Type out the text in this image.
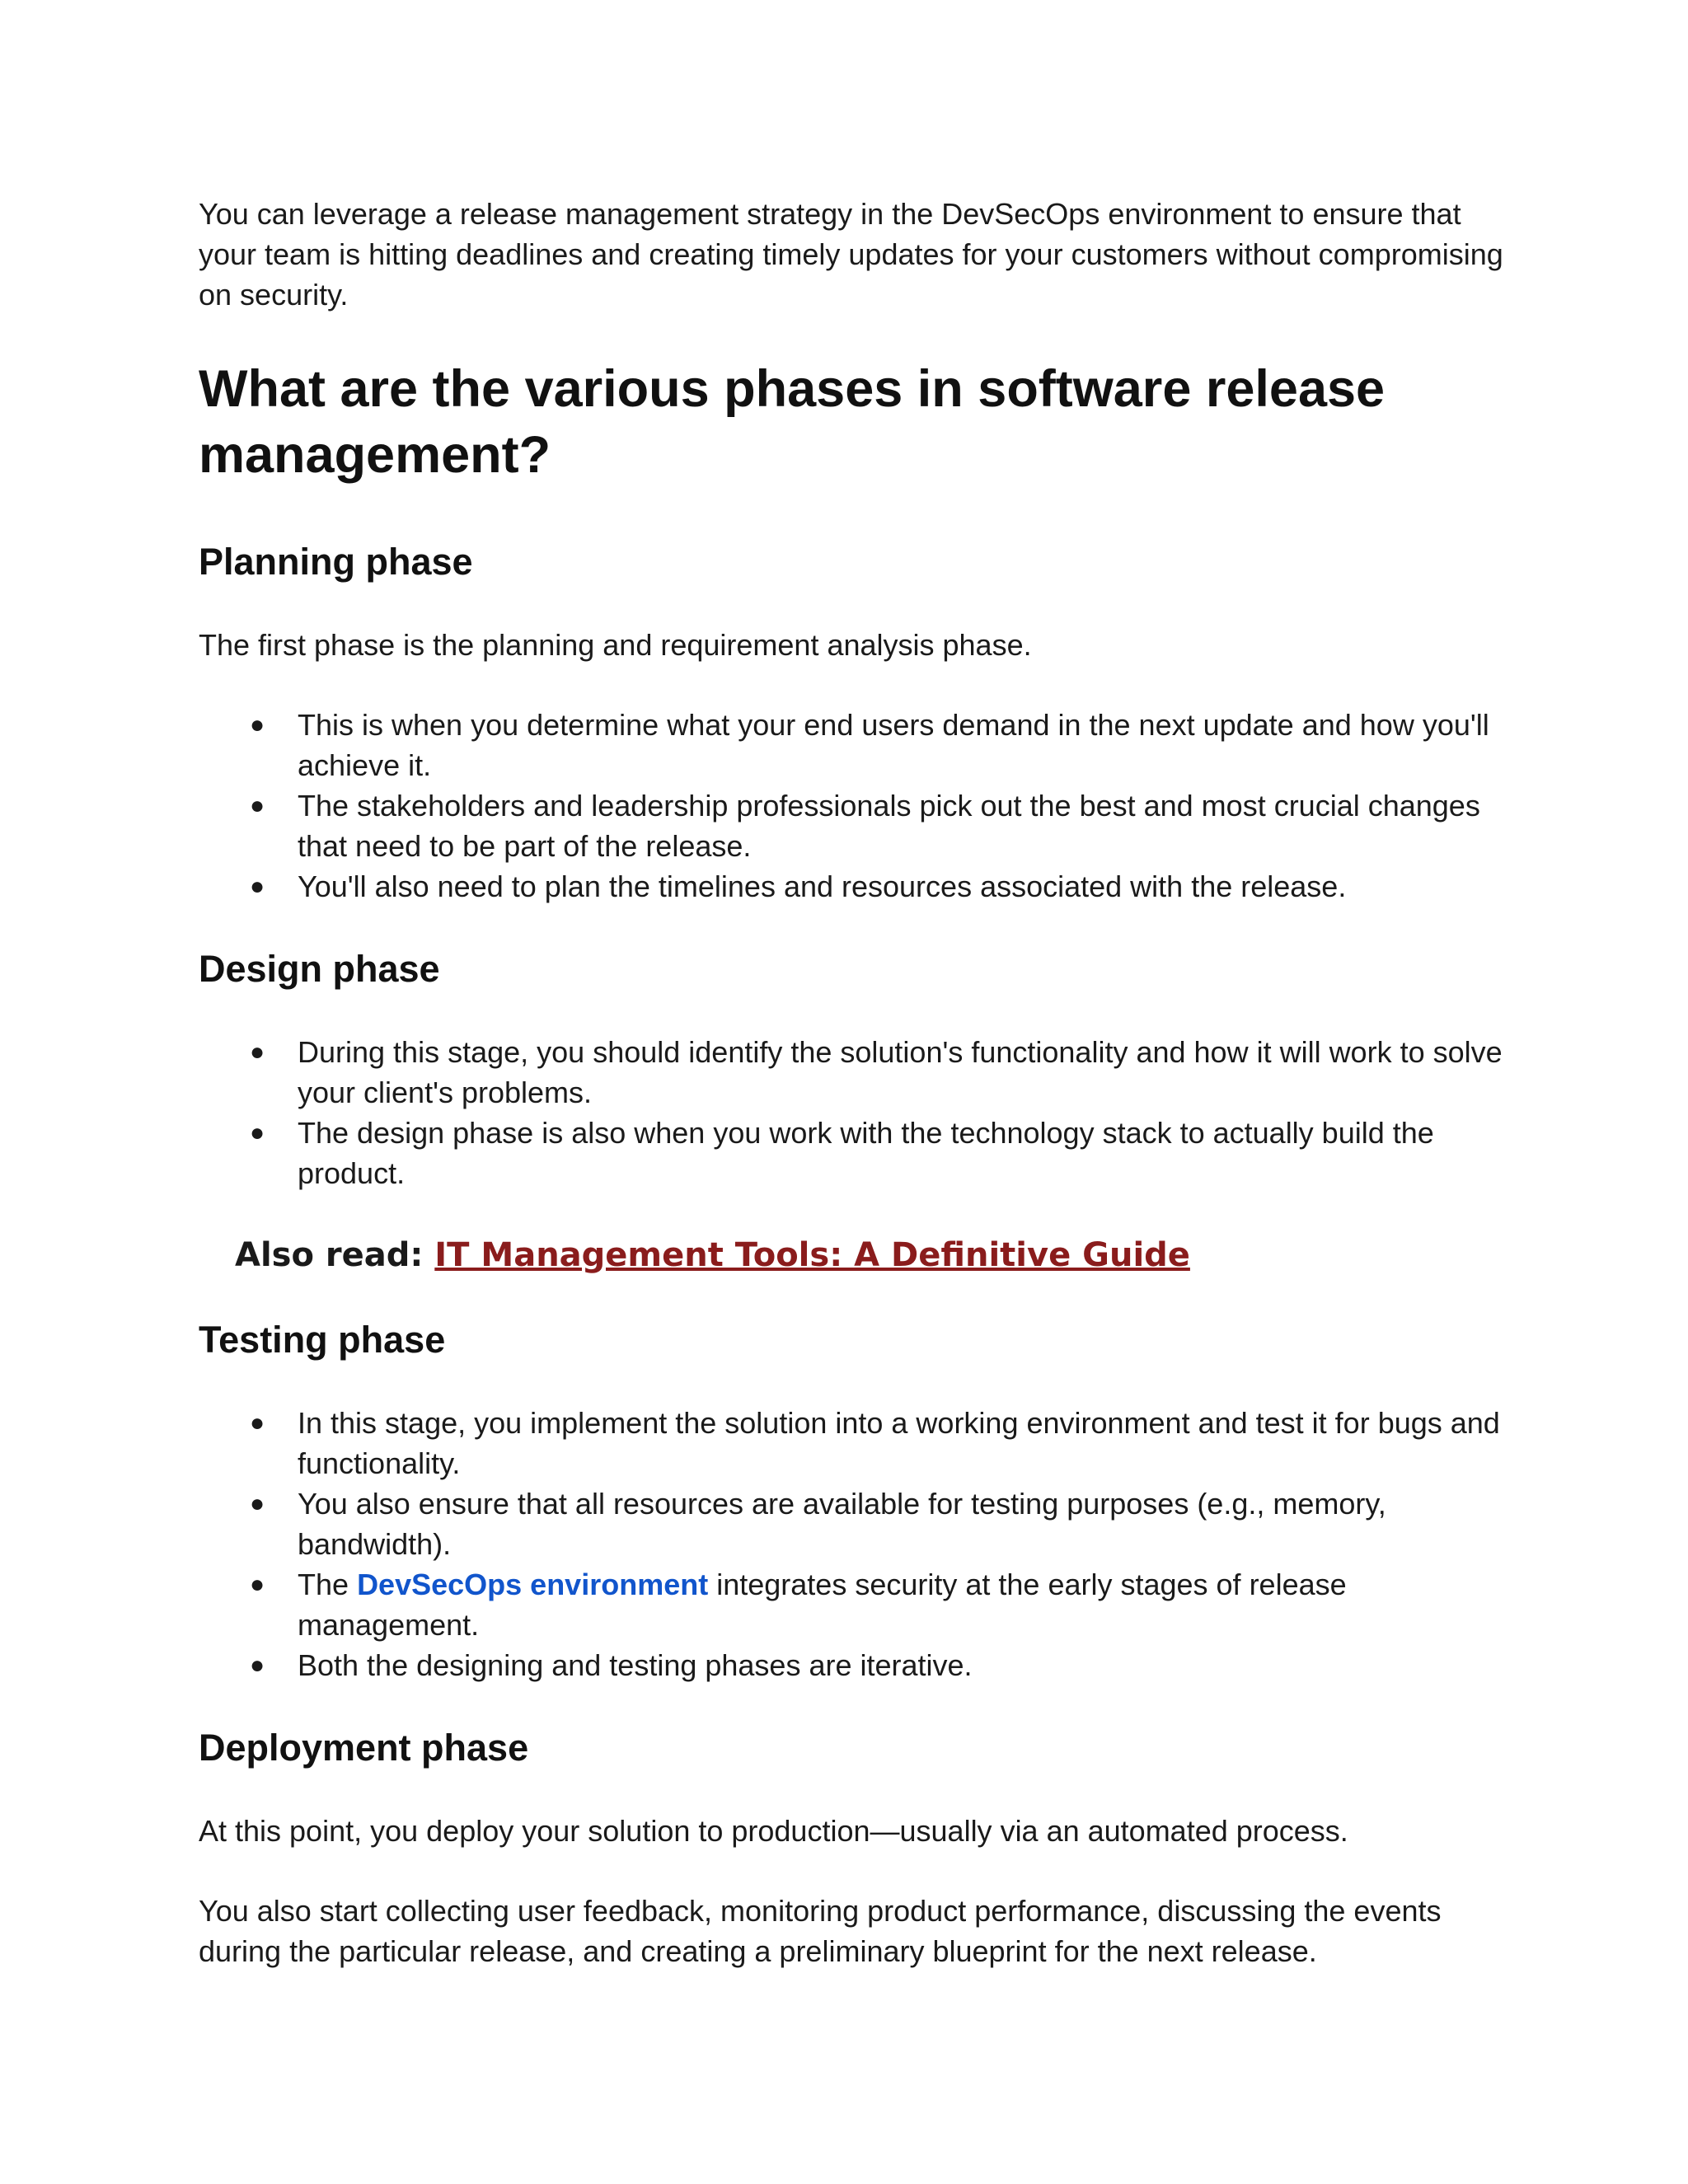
You can leverage a release management strategy in the DevSecOps environment to ensure that your team is hitting deadlines and creating timely updates for your customers without compromising on security.

What are the various phases in software release management?
Planning phase

The first phase is the planning and requirement analysis phase.

● This is when you determine what your end users demand in the next update and how you'll achieve it.
● The stakeholders and leadership professionals pick out the best and most crucial changes that need to be part of the release.
● You'll also need to plan the timelines and resources associated with the release.
Design phase
● During this stage, you should identify the solution's functionality and how it will work to solve your client's problems.
● The design phase is also when you work with the technology stack to actually build the product.
Also read: IT Management Tools: A Definitive Guide
Testing phase
● In this stage, you implement the solution into a working environment and test it for bugs and functionality.
● You also ensure that all resources are available for testing purposes (e.g., memory, bandwidth).
● The DevSecOps environment integrates security at the early stages of release management.
● Both the designing and testing phases are iterative.
Deployment phase

At this point, you deploy your solution to production—usually via an automated process.

You also start collecting user feedback, monitoring product performance, discussing the events during the particular release, and creating a preliminary blueprint for the next release.
